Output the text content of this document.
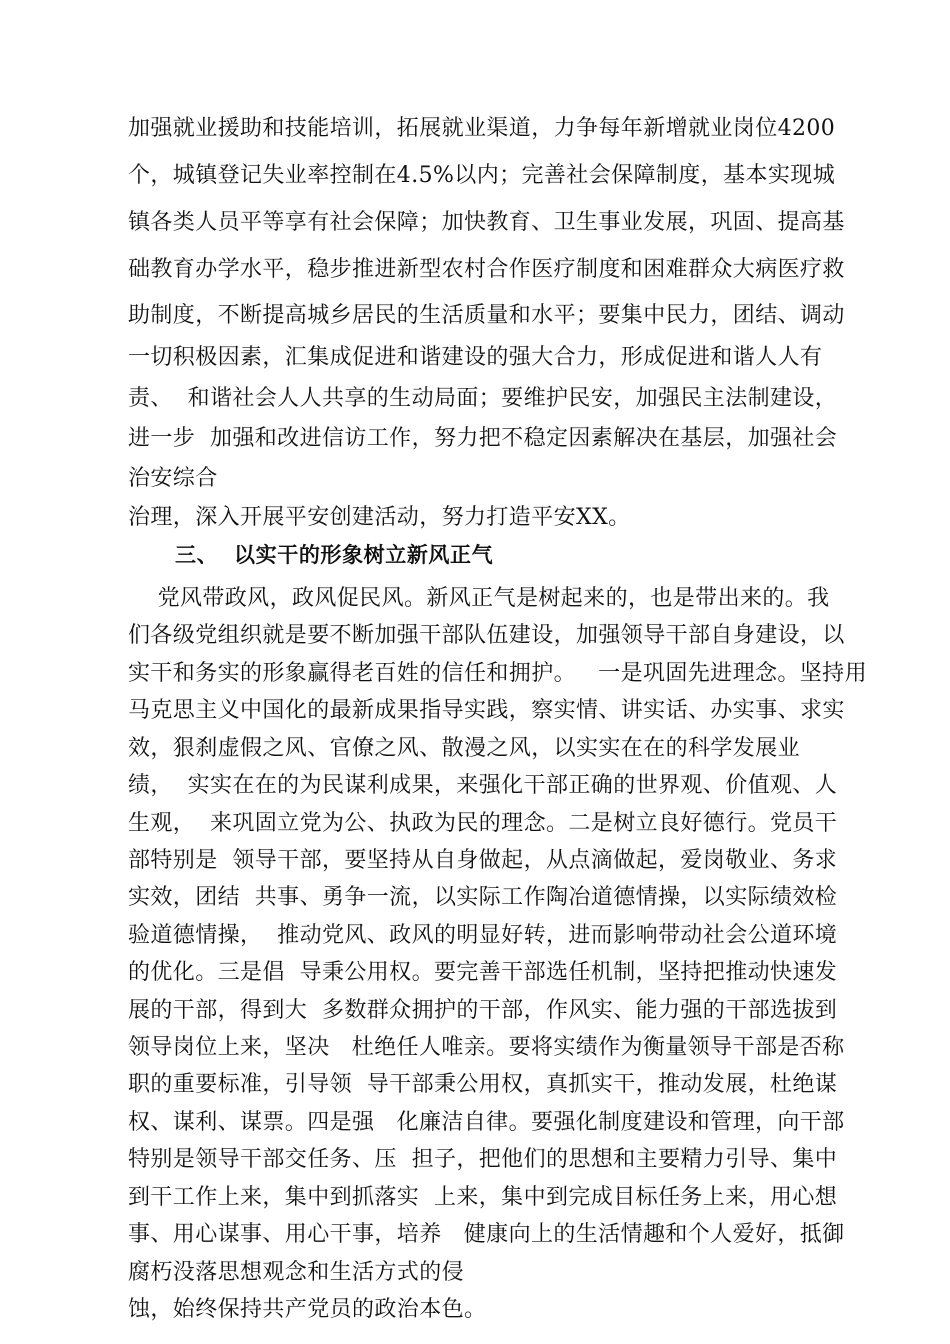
加强就业援助和技能培训，拓展就业渠道，力争每年新增就业岗位4200
个，城镇登记失业率控制在4.5%以内；完善社会保障制度，基本实现城
镇各类人员平等享有社会保障；加快教育、卫生事业发展，巩固、提高基
础教育办学水平，稳步推进新型农村合作医疗制度和困难群众大病医疗救
助制度，不断提高城乡居民的生活质量和水平；要集中民力，团结、调动
一切积极因素，汇集成促进和谐建设的强大合力，形成促进和谐人人有
责、  和谐社会人人共享的生动局面；要维护民安，加强民主法制建设，
进一步  加强和改进信访工作，努力把不稳定因素解决在基层，加强社会
治安综合
治理，深入开展平安创建活动，努力打造平安XX。
三、  以实干的形象树立新风正气
党风带政风，政风促民风。新风正气是树起来的，也是带出来的。我
们各级党组织就是要不断加强干部队伍建设，加强领导干部自身建设，以
实干和务实的形象赢得老百姓的信任和拥护。   一是巩固先进理念。坚持用
马克思主义中国化的最新成果指导实践，察实情、讲实话、办实事、求实
效，狠刹虚假之风、官僚之风、散漫之风，以实实在在的科学发展业
绩，  实实在在的为民谋利成果，来强化干部正确的世界观、价值观、人
生观，  来巩固立党为公、执政为民的理念。二是树立良好德行。党员干
部特别是  领导干部，要坚持从自身做起，从点滴做起，爱岗敬业、务求
实效，团结  共事、勇争一流，以实际工作陶冶道德情操，以实际绩效检
验道德情操，  推动党风、政风的明显好转，进而影响带动社会公道环境
的优化。三是倡  导秉公用权。要完善干部选任机制，坚持把推动快速发
展的干部，得到大  多数群众拥护的干部，作风实、能力强的干部选拔到
领导岗位上来，坚决   杜绝任人唯亲。要将实绩作为衡量领导干部是否称
职的重要标准，引导领  导干部秉公用权，真抓实干，推动发展，杜绝谋
权、谋利、谋票。四是强   化廉洁自律。要强化制度建设和管理，向干部
特别是领导干部交任务、压  担子，把他们的思想和主要精力引导、集中
到干工作上来，集中到抓落实  上来，集中到完成目标任务上来，用心想
事、用心谋事、用心干事，培养   健康向上的生活情趣和个人爱好，抵御
腐朽没落思想观念和生活方式的侵
蚀，始终保持共产党员的政治本色。
